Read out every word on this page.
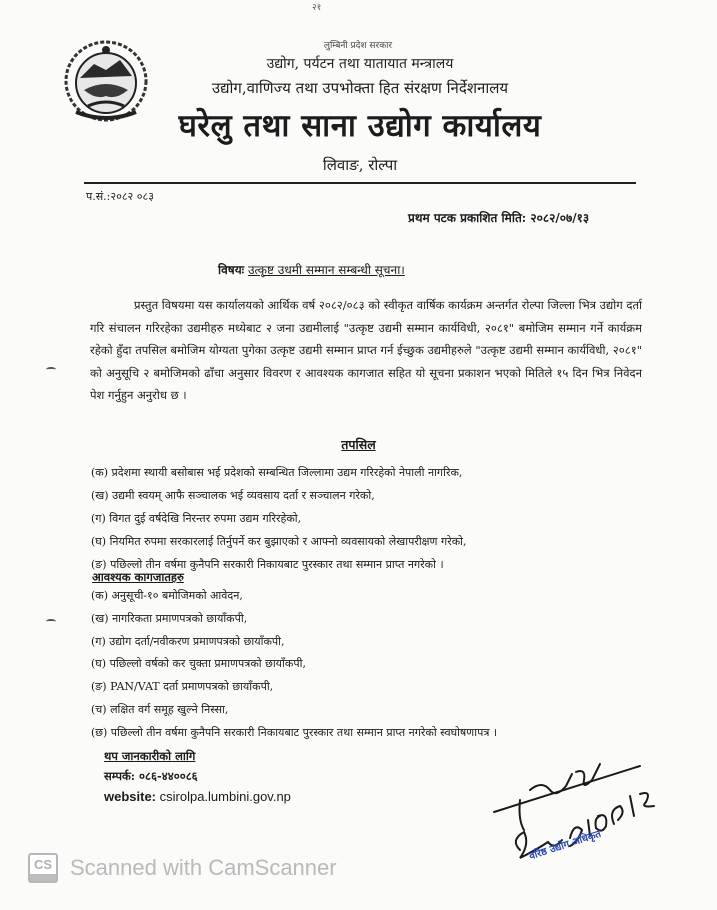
२१
लुम्बिनी प्रदेश सरकार
उद्योग, पर्यटन तथा यातायात मन्त्रालय
उद्योग,वाणिज्य तथा उपभोक्ता हित संरक्षण निर्देशनालय
घरेलु तथा साना उद्योग कार्यालय
लिवाङ, रोल्पा
प.सं.:२०८२ ०८३
प्रथम पटक प्रकाशित मिति: २०८२/०७/१३
विषयः उत्कृष्ट उधमी सम्मान सम्बन्धी सूचना।
प्रस्तुत विषयमा यस कार्यालयको आर्थिक वर्ष २०८२/०८३ को स्वीकृत वार्षिक कार्यक्रम अन्तर्गत रोल्पा जिल्ला भित्र उद्योग दर्ता गरि संचालन गरिरहेका उद्यमीहरु मध्येबाट २ जना उद्यमीलाई "उत्कृष्ट उद्यमी सम्मान कार्यविधी, २०८१" बमोजिम सम्मान गर्ने कार्यक्रम रहेको हुँदा तपसिल बमोजिम योग्यता पुगेका उत्कृष्ट उद्यमी सम्मान प्राप्त गर्न ईच्छुक उद्यमीहरुले "उत्कृष्ट उद्यमी सम्मान कार्यविधी, २०८१" को अनुसूचि २ बमोजिमको ढाँचा अनुसार विवरण र आवश्यक कागजात सहित यो सूचना प्रकाशन भएको मितिले १५ दिन भित्र निवेदन पेश गर्नुहुन अनुरोध छ ।
तपसिल
(क) प्रदेशमा स्थायी बसोबास भई प्रदेशको सम्बन्धित जिल्लामा उद्यम गरिरहेको नेपाली नागरिक,
(ख) उद्यमी स्वयम् आफै सञ्चालक भई व्यवसाय दर्ता र सञ्चालन गरेको,
(ग) विगत दुई वर्षदेखि निरन्तर रुपमा उद्यम गरिरहेको,
(घ) नियमित रुपमा सरकारलाई तिर्नुपर्ने कर बुझाएको र आफ्नो व्यवसायको लेखापरीक्षण गरेको,
(ङ) पछिल्लो तीन वर्षमा कुनैपनि सरकारी निकायबाट पुरस्कार तथा सम्मान प्राप्त नगरेको ।
आवश्यक कागजातहरु
(क) अनुसूची-१० बमोजिमको आवेदन,
(ख) नागरिकता प्रमाणपत्रको छायाँकपी,
(ग) उद्योग दर्ता/नवीकरण प्रमाणपत्रको छायाँकपी,
(घ) पछिल्लो वर्षको कर चुक्ता प्रमाणपत्रको छायाँकपी,
(ङ) PAN/VAT दर्ता प्रमाणपत्रको छायाँकपी,
(च) लक्षित वर्ग समूह खुल्ने निस्सा,
(छ) पछिल्लो तीन वर्षमा कुनैपनि सरकारी निकायबाट पुरस्कार तथा सम्मान प्राप्त नगरेको स्वघोषणापत्र ।
थप जानकारीको लागि
सम्पर्क: ०८६-४४००८६
website: csirolpa.lumbini.gov.np
वरिष्ठ उद्योग अधिकृत
CS Scanned with CamScanner
